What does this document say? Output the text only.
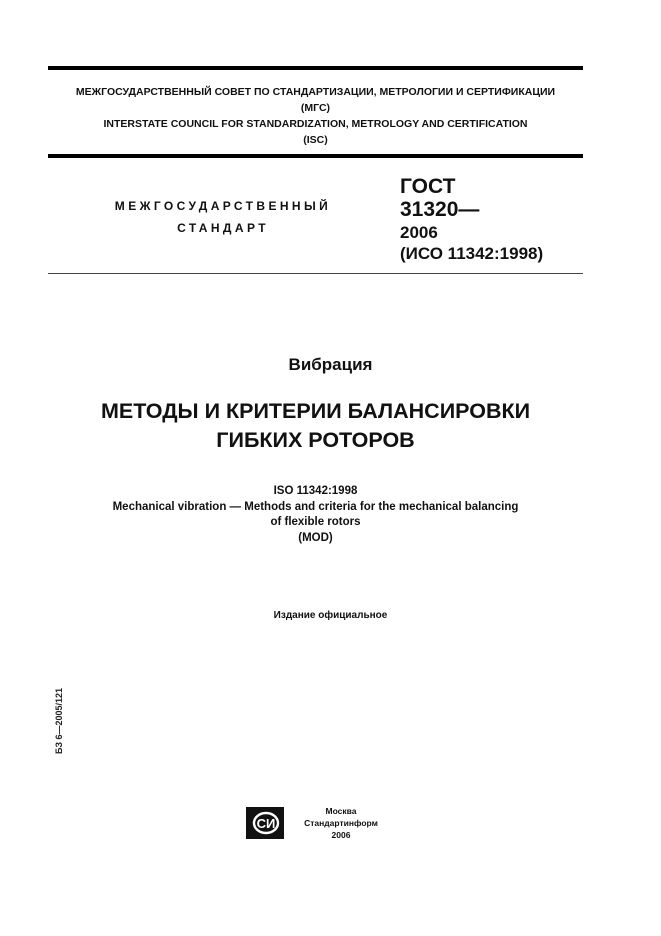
МЕЖГОСУДАРСТВЕННЫЙ СОВЕТ ПО СТАНДАРТИЗАЦИИ, МЕТРОЛОГИИ И СЕРТИФИКАЦИИ
(МГС)
INTERSTATE COUNCIL FOR STANDARDIZATION, METROLOGY AND CERTIFICATION
(ISC)
МЕЖГОСУДАРСТВЕННЫЙ
СТАНДАРТ
ГОСТ
31320—
2006
(ИСО 11342:1998)
Вибрация
МЕТОДЫ И КРИТЕРИИ БАЛАНСИРОВКИ
ГИБКИХ РОТОРОВ
ISO 11342:1998
Mechanical vibration — Methods and criteria for the mechanical balancing
of flexible rotors
(MOD)
Издание официальное
БЗ 6—2005/121
СИ
Москва
Стандартинформ
2006
